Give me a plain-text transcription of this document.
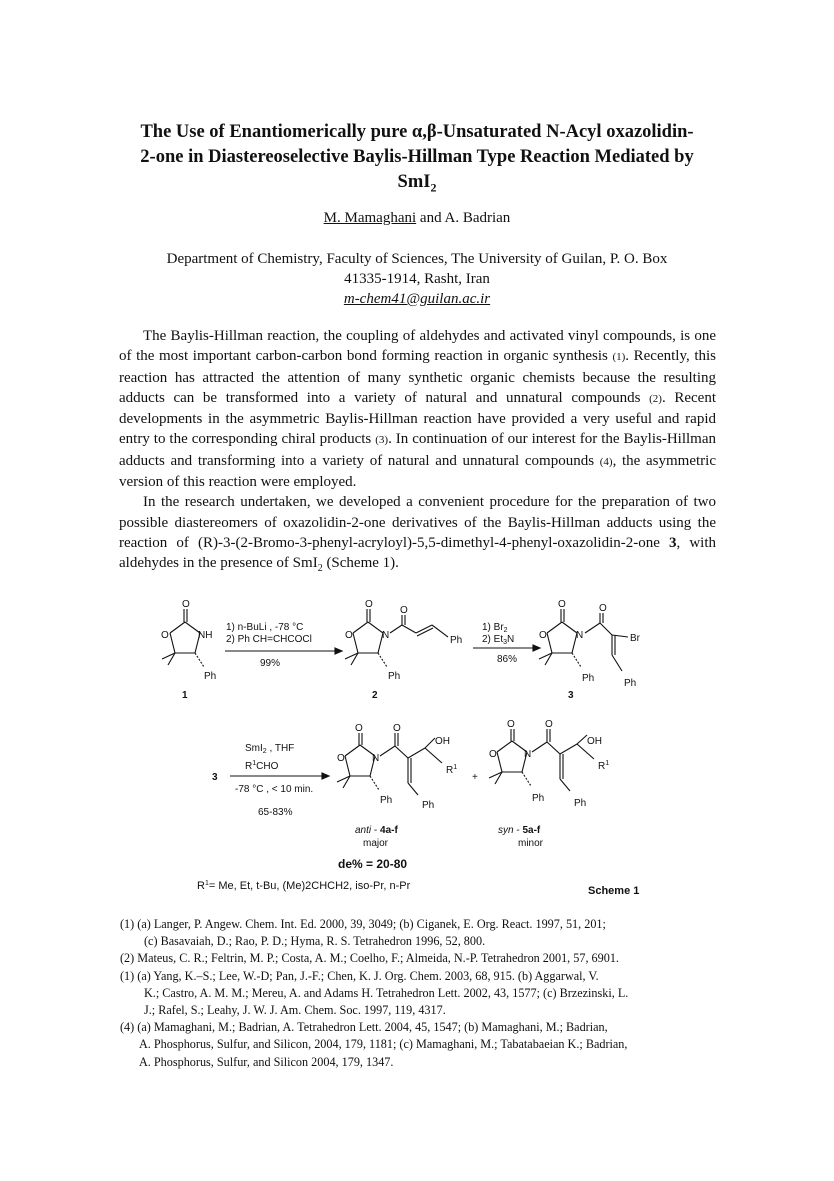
The Use of Enantiomerically pure α,β-Unsaturated N-Acyl oxazolidin-
2-one in Diastereoselective Baylis-Hillman Type Reaction Mediated by
SmI$_2$
M. Mamaghani and A. Badrian
Department of Chemistry, Faculty of Sciences, The University of Guilan, P. O. Box
41335-1914, Rasht, Iran
m-chem41@guilan.ac.ir

The Baylis-Hillman reaction, the coupling of aldehydes and activated vinyl compounds, is one of the most important carbon-carbon bond forming reaction in organic synthesis (1). Recently, this reaction has attracted the attention of many synthetic organic chemists because the resulting adducts can be transformed into a variety of natural and unnatural compounds (2). Recent developments in the asymmetric Baylis-Hillman reaction have provided a very useful and rapid entry to the corresponding chiral products (3). In continuation of our interest for the Baylis-Hillman adducts and transforming into a variety of natural and unnatural compounds (4), the asymmetric version of this reaction were employed.

In the research undertaken, we developed a convenient procedure for the preparation of two possible diastereomers of oxazolidin-2-one derivatives of the Baylis-Hillman adducts using the reaction of (R)-3-(2-Bromo-3-phenyl-acryloyl)-5,5-dimethyl-4-phenyl-oxazolidin-2-one 3, with aldehydes in the presence of SmI$_2$ (Scheme 1).

O
O	NH
Ph
1
1) n-BuLi , -78 °C
2) Ph CH=CHCOCl
99%
O
O	N
O
Ph
Ph
2
1) $Br_2$
2) $Et_3N$
86%
O
O	N
O
Br
Ph	Ph
3
3
SmI$_2$ , THF
$R^1CHO$
-78 °C , < 10 min.
65-83%
O
O	N
O
OH
$R^1$
Ph	Ph
anti - 4a-f
major
+
O
O	N
O
OH
$R^1$
Ph	Ph
syn - 5a-f
minor
de% = 20-80
$R^1= Me$, Et, t-Bu, (Me)2CHCH2, iso-Pr, n-Pr	Scheme 1
(1) (a) Langer, P. Angew. Chem. Int. Ed. 2000, 39, 3049; (b) Ciganek, E. Org. React. 1997, 51, 201;
(c) Basavaiah, D.; Rao, P. D.; Hyma, R. S. Tetrahedron 1996, 52, 800.
(2) Mateus, C. R.; Feltrin, M. P.; Costa, A. M.; Coelho, F.; Almeida, N.-P. Tetrahedron 2001, 57, 6901.
(1) (a) Yang, K.–S.; Lee, W.-D; Pan, J.-F.; Chen, K. J. Org. Chem. 2003, 68, 915. (b) Aggarwal, V.
K.; Castro, A. M. M.; Mereu, A. and Adams H. Tetrahedron Lett. 2002, 43, 1577; (c) Brzezinski, L.
J.; Rafel, S.; Leahy, J. W. J. Am. Chem. Soc. 1997, 119, 4317.
(4) (a) Mamaghani, M.; Badrian, A. Tetrahedron Lett. 2004, 45, 1547; (b) Mamaghani, M.; Badrian,
A. Phosphorus, Sulfur, and Silicon, 2004, 179, 1181; (c) Mamaghani, M.; Tabatabaeian K.; Badrian,
A. Phosphorus, Sulfur, and Silicon 2004, 179, 1347.
